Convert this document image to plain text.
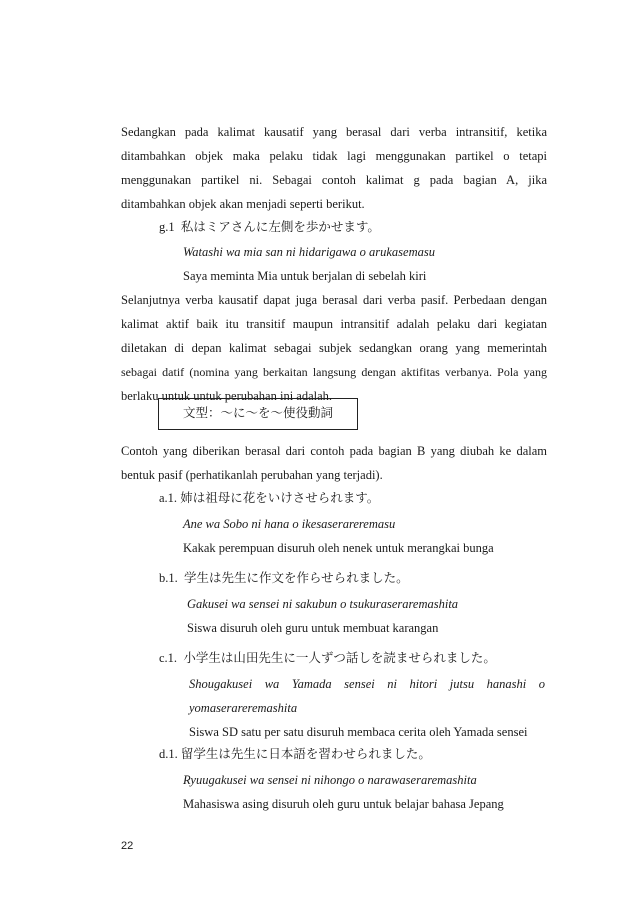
Sedangkan pada kalimat kausatif yang berasal dari verba intransitif, ketika
ditambahkan objek maka pelaku tidak lagi menggunakan partikel o tetapi
menggunakan partikel ni. Sebagai contoh kalimat g pada bagian A, jika
ditambahkan objek akan menjadi seperti berikut.
g.1 私はミアさんに左側を歩かせます。
Watashi wa mia san ni hidarigawa o arukasemasu
Saya meminta Mia untuk berjalan di sebelah kiri
Selanjutnya verba kausatif dapat juga berasal dari verba pasif. Perbedaan dengan
kalimat aktif baik itu transitif maupun intransitif adalah pelaku dari kegiatan
diletakan di depan kalimat sebagai subjek sedangkan orang yang memerintah
sebagai datif (nomina yang berkaitan langsung dengan aktifitas verbanya. Pola yang
berlaku untuk untuk perubahan ini adalah.
文型：～に～を～使役動詞
Contoh yang diberikan berasal dari contoh pada bagian B yang diubah ke dalam
bentuk pasif (perhatikanlah perubahan yang terjadi).
a.1. 姉は祖母に花をいけさせられます。
Ane wa Sobo ni hana o ikesaserareremasu
Kakak perempuan disuruh oleh nenek untuk merangkai bunga
b.1. 学生は先生に作文を作らせられました。
Gakusei wa sensei ni sakubun o tsukuraseraremashita
Siswa disuruh oleh guru untuk membuat karangan
c.1. 小学生は山田先生に一人ずつ話しを読ませられました。
Shougakusei wa Yamada sensei ni hitori jutsu hanashi o
yomaserareremashita
Siswa SD satu per satu disuruh membaca cerita oleh Yamada sensei
d.1. 留学生は先生に日本語を習わせられました。
Ryuugakusei wa sensei ni nihongo o narawaseraremashita
Mahasiswa asing disuruh oleh guru untuk belajar bahasa Jepang
22
